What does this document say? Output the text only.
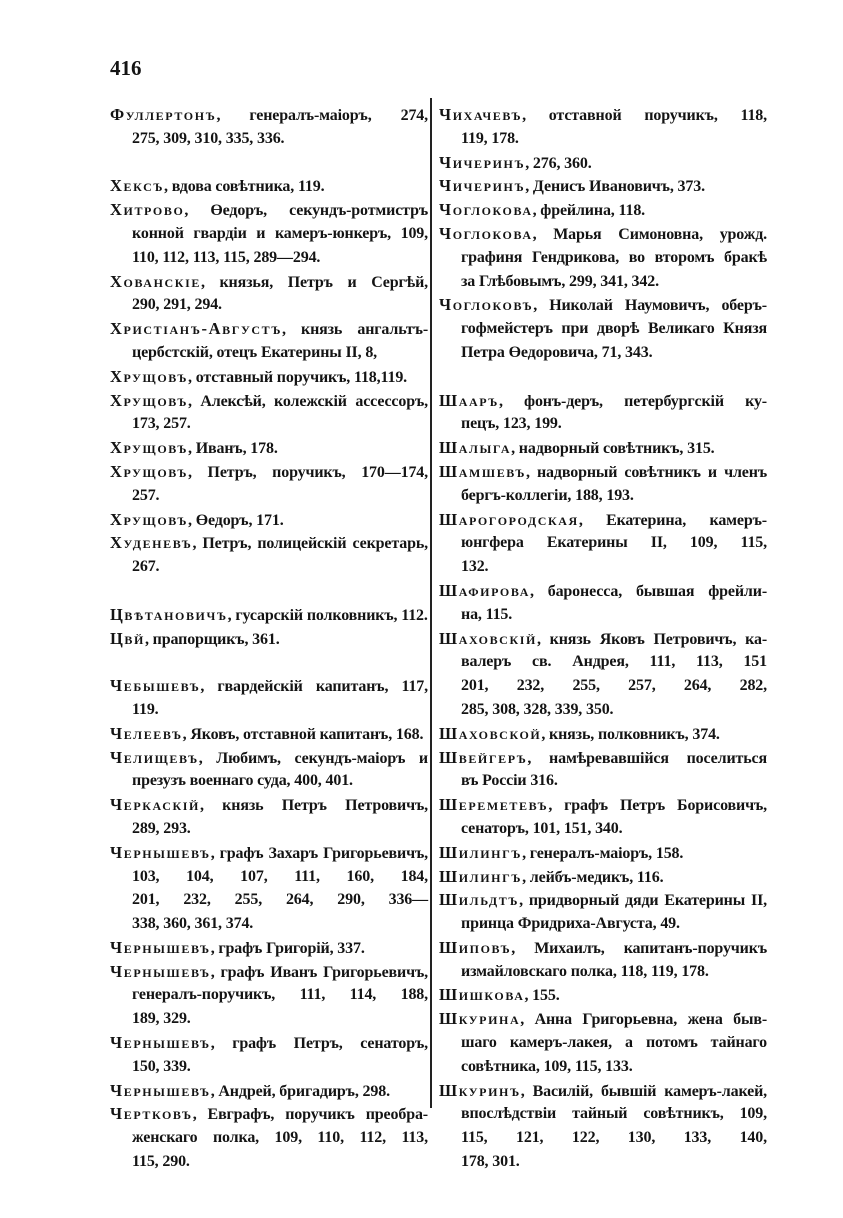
416
Фуллертонъ, генералъ-маіоръ, 274,
275, 309, 310, 335, 336.
Хексъ, вдова совѣтника, 119.
Хитрово, Өедоръ, секундъ-ротмистръ
конной гвардіи и камеръ-юнкеръ, 109,
110, 112, 113, 115, 289—294.
Хованскіе, князья, Петръ и Сергѣй,
290, 291, 294.
Христіанъ-Августъ, князь ангальтъ-
цербстскій, отецъ Екатерины II, 8,
Хрущовъ, отставный поручикъ, 118,119.
Хрущовъ, Алексѣй, колежскій ассессоръ,
173, 257.
Хрущовъ, Иванъ, 178.
Хрущовъ, Петръ, поручикъ, 170—174,
257.
Хрущовъ, Өедоръ, 171.
Худеневъ, Петръ, полицейскій секретарь,
267.
Цвѣтановичъ, гусарскій полковникъ, 112.
Цвй, прапорщикъ, 361.
Чебышевъ, гвардейскій капитанъ, 117,
119.
Челеевъ, Яковъ, отставной капитанъ, 168.
Челищевъ, Любимъ, секундъ-маіоръ и
презузъ военнаго суда, 400, 401.
Черкаскій, князь Петръ Петровичъ,
289, 293.
Чернышевъ, графъ Захаръ Григорьевичъ,
103, 104, 107, 111, 160, 184,
201, 232, 255, 264, 290, 336—
338, 360, 361, 374.
Чернышевъ, графъ Григорій, 337.
Чернышевъ, графъ Иванъ Григорьевичъ,
генералъ-поручикъ, 111, 114, 188,
189, 329.
Чернышевъ, графъ Петръ, сенаторъ,
150, 339.
Чернышевъ, Андрей, бригадиръ, 298.
Чертковъ, Евграфъ, поручикъ преобра-
женскаго полка, 109, 110, 112, 113,
115, 290.
Чихачевъ, отставной поручикъ, 118,
119, 178.
Чичеринъ, 276, 360.
Чичеринъ, Денисъ Ивановичъ, 373.
Чоглокова, фрейлина, 118.
Чоглокова, Марья Симоновна, урожд.
графиня Гендрикова, во второмъ бракѣ
за Глѣбовымъ, 299, 341, 342.
Чоглоковъ, Николай Наумовичъ, оберъ-
гофмейстеръ при дворѣ Великаго Князя
Петра Өедоровича, 71, 343.
Шааръ, фонъ-деръ, петербургскій ку-
пецъ, 123, 199.
Шалыга, надворный совѣтникъ, 315.
Шамшевъ, надворный совѣтникъ и членъ
бергъ-коллегіи, 188, 193.
Шарогородская, Екатерина, камеръ-
юнгфера Екатерины II, 109, 115,
132.
Шафирова, баронесса, бывшая фрейли-
на, 115.
Шаховскій, князь Яковъ Петровичъ, ка-
валеръ св. Андрея, 111, 113, 151
201, 232, 255, 257, 264, 282,
285, 308, 328, 339, 350.
Шаховской, князь, полковникъ, 374.
Швейгеръ, намѣревавшійся поселиться
въ Россіи 316.
Шереметевъ, графъ Петръ Борисовичъ,
сенаторъ, 101, 151, 340.
Шилингъ, генералъ-маіоръ, 158.
Шилингъ, лейбъ-медикъ, 116.
Шильдтъ, придворный дяди Екатерины II,
принца Фридриха-Августа, 49.
Шиповъ, Михаилъ, капитанъ-поручикъ
измайловскаго полка, 118, 119, 178.
Шишкова, 155.
Шкурина, Анна Григорьевна, жена быв-
шаго камеръ-лакея, а потомъ тайнаго
совѣтника, 109, 115, 133.
Шкуринъ, Василій, бывшій камеръ-лакей,
впослѣдствіи тайный совѣтникъ, 109,
115, 121, 122, 130, 133, 140,
178, 301.
